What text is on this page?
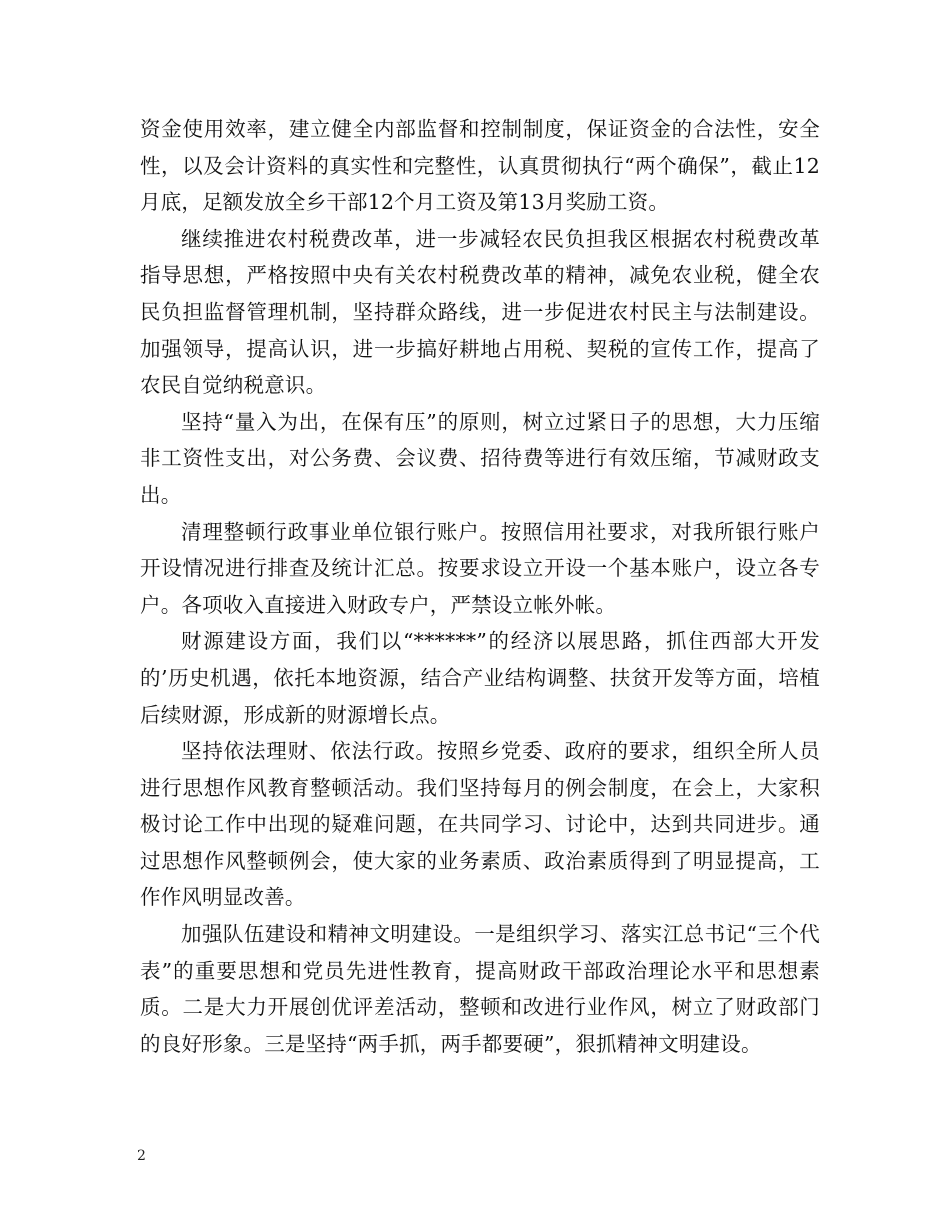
资金使用效率，建立健全内部监督和控制制度，保证资金的合法性，安全性，以及会计资料的真实性和完整性，认真贯彻执行“两个确保”，截止12月底，足额发放全乡干部12个月工资及第13月奖励工资。

继续推进农村税费改革，进一步减轻农民负担我区根据农村税费改革指导思想，严格按照中央有关农村税费改革的精神，减免农业税，健全农民负担监督管理机制，坚持群众路线，进一步促进农村民主与法制建设。加强领导，提高认识，进一步搞好耕地占用税、契税的宣传工作，提高了农民自觉纳税意识。

坚持“量入为出，在保有压”的原则，树立过紧日子的思想，大力压缩非工资性支出，对公务费、会议费、招待费等进行有效压缩，节减财政支出。

清理整顿行政事业单位银行账户。按照信用社要求，对我所银行账户开设情况进行排查及统计汇总。按要求设立开设一个基本账户，设立各专户。各项收入直接进入财政专户，严禁设立帐外帐。

财源建设方面，我们以“******”的经济以展思路，抓住西部大开发的’历史机遇，依托本地资源，结合产业结构调整、扶贫开发等方面，培植后续财源，形成新的财源增长点。

坚持依法理财、依法行政。按照乡党委、政府的要求，组织全所人员进行思想作风教育整顿活动。我们坚持每月的例会制度，在会上，大家积极讨论工作中出现的疑难问题，在共同学习、讨论中，达到共同进步。通过思想作风整顿例会，使大家的业务素质、政治素质得到了明显提高，工作作风明显改善。

加强队伍建设和精神文明建设。一是组织学习、落实江总书记“三个代表”的重要思想和党员先进性教育，提高财政干部政治理论水平和思想素质。二是大力开展创优评差活动，整顿和改进行业作风，树立了财政部门的良好形象。三是坚持“两手抓，两手都要硬”，狠抓精神文明建设。

2
